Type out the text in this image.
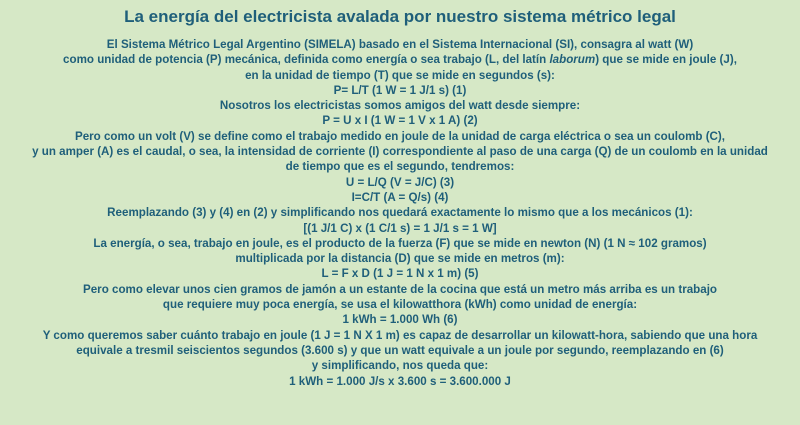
La energía del electricista avalada por nuestro sistema métrico legal
El Sistema Métrico Legal Argentino (SIMELA) basado en el Sistema Internacional (SI), consagra al watt (W)
como unidad de potencia (P) mecánica, definida como energía o sea trabajo (L, del latín laborum) que se mide en joule (J),
en la unidad de tiempo (T) que se mide en segundos (s):
P= L/T (1 W = 1 J/1 s) (1)
Nosotros los electricistas somos amigos del watt desde siempre:
P = U x I (1 W = 1 V x 1 A) (2)
Pero como un volt (V) se define como el trabajo medido en joule de la unidad de carga eléctrica o sea un coulomb (C),
y un amper (A) es el caudal, o sea, la intensidad de corriente (I) correspondiente al paso de una carga (Q) de un coulomb en la unidad
de tiempo que es el segundo, tendremos:
U = L/Q (V = J/C) (3)
I=C/T (A = Q/s) (4)
Reemplazando (3) y (4) en (2) y simplificando nos quedará exactamente lo mismo que a los mecánicos (1):
[(1 J/1 C) x (1 C/1 s) = 1 J/1 s = 1 W]
La energía, o sea, trabajo en joule, es el producto de la fuerza (F) que se mide en newton (N) (1 N ≈ 102 gramos)
multiplicada por la distancia (D) que se mide en metros (m):
L = F x D (1 J = 1 N x 1 m) (5)
Pero como elevar unos cien gramos de jamón a un estante de la cocina que está un metro más arriba es un trabajo
que requiere muy poca energía, se usa el kilowatthora (kWh) como unidad de energía:
1 kWh = 1.000 Wh (6)
Y como queremos saber cuánto trabajo en joule (1 J = 1 N X 1 m) es capaz de desarrollar un kilowatt-hora, sabiendo que una hora
equivale a tresmil seiscientos segundos (3.600 s) y que un watt equivale a un joule por segundo, reemplazando en (6)
y simplificando, nos queda que:
1 kWh = 1.000 J/s x 3.600 s = 3.600.000 J
